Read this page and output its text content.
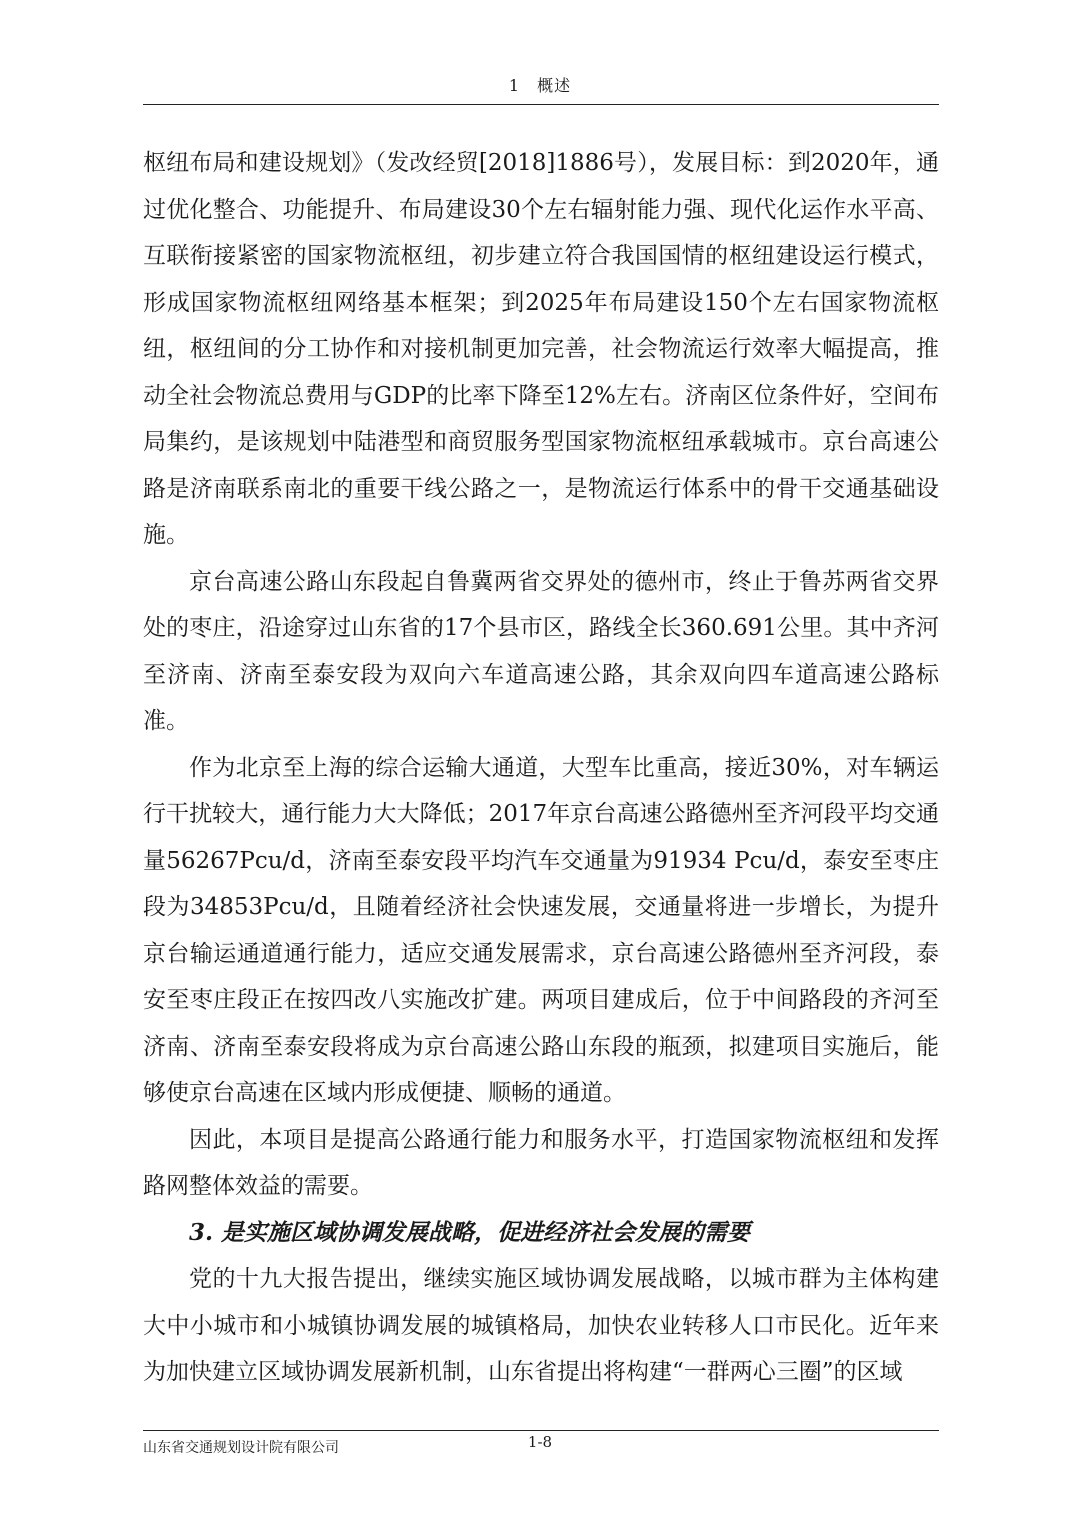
1　概述

枢纽布局和建设规划》（发改经贸[2018]1886号），发展目标：到2020年，通过优化整合、功能提升、布局建设30个左右辐射能力强、现代化运作水平高、互联衔接紧密的国家物流枢纽，初步建立符合我国国情的枢纽建设运行模式，形成国家物流枢纽网络基本框架；到2025年布局建设150个左右国家物流枢纽，枢纽间的分工协作和对接机制更加完善，社会物流运行效率大幅提高，推动全社会物流总费用与GDP的比率下降至12%左右。济南区位条件好，空间布局集约，是该规划中陆港型和商贸服务型国家物流枢纽承载城市。京台高速公路是济南联系南北的重要干线公路之一，是物流运行体系中的骨干交通基础设施。

京台高速公路山东段起自鲁冀两省交界处的德州市，终止于鲁苏两省交界处的枣庄，沿途穿过山东省的17个县市区，路线全长360.691公里。其中齐河至济南、济南至泰安段为双向六车道高速公路，其余双向四车道高速公路标准。

作为北京至上海的综合运输大通道，大型车比重高，接近30%，对车辆运行干扰较大，通行能力大大降低；2017年京台高速公路德州至齐河段平均交通量56267Pcu/d，济南至泰安段平均汽车交通量为91934 Pcu/d，泰安至枣庄段为34853Pcu/d，且随着经济社会快速发展，交通量将进一步增长，为提升京台输运通道通行能力，适应交通发展需求，京台高速公路德州至齐河段，泰安至枣庄段正在按四改八实施改扩建。两项目建成后，位于中间路段的齐河至济南、济南至泰安段将成为京台高速公路山东段的瓶颈，拟建项目实施后，能够使京台高速在区域内形成便捷、顺畅的通道。

因此，本项目是提高公路通行能力和服务水平，打造国家物流枢纽和发挥路网整体效益的需要。

3. 是实施区域协调发展战略，促进经济社会发展的需要

党的十九大报告提出，继续实施区域协调发展战略，以城市群为主体构建大中小城市和小城镇协调发展的城镇格局，加快农业转移人口市民化。近年来为加快建立区域协调发展新机制，山东省提出将构建“一群两心三圈”的区域

山东省交通规划设计院有限公司	1-8
